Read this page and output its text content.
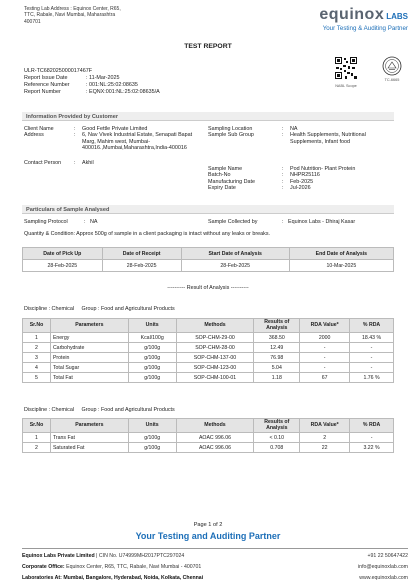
Testing Lab Address : Equinox Center, R65,
TTC, Rabale, Navi Mumbai, Maharashtra
400701	equinox LABS
Your Testing & Auditing Partner
TEST REPORT
ULR-TC682025000017467F
Report Issue Date	: 11-Mar-2025
Reference Number	: 001:NL:25:02:08635
Report Number	: EQNX:001:NL:25:02:08635/A
NABL Scope
TC-6665
Information Provided by Customer
Client Name	:	Good Fettle Private Limited
Address	:	6, Nav Vivek Industrial Estate, Senapati Bapat Marg, Mahim west, Mumbai-400016.,Mumbai,Maharashtra,India-400016
Contact Person	:	Akhil
Sampling Location	:	NA
Sample Sub Group	:	Health Supplements, Nutritional Supplements, Infant food
Sample Name	:	Pod Nutrition- Plant Protein
Batch-No	:	NHPR25116
Manufacturing Date	:	Feb-2025
Expiry Date	:	Jul-2026
Particulars of Sample Analysed
Sampling Protocol	: NA	Sample Collected by	: Equinox Labs - Dhiraj Kasar
Quantity & Condition: Approx 500g of sample in a client packaging is intact without any leaks or breaks.
Date of Pick Up	Date of Receipt	Start Date of Analysis	End Date of Analysis
28-Feb-2025	28-Feb-2025	28-Feb-2025	10-Mar-2025
---------- Result of Analysis ----------
Discipline : Chemical Group : Food and Agricultural Products
Sr.No	Parameters	Units	Methods	Results of Analysis	RDA Value*	% RDA
1	Energy	Kcal/100g	SOP-CHM-29-00	368.50	2000	18.43 %
2	Carbohydrate	g/100g	SOP-CHM-28-00	12.49	-	-
3	Protein	g/100g	SOP-CHM-137-00	76.98	-	-
4	Total Sugar	g/100g	SOP-CHM-123-00	5.04	-	-
5	Total Fat	g/100g	SOP-CHM-100-01	1.18	67	1.76 %
Discipline : Chemical Group : Food and Agricultural Products
Sr.No	Parameters	Units	Methods	Results of Analysis	RDA Value*	% RDA
1	Trans Fat	g/100g	AOAC 996.06	< 0.10	2	-
2	Saturated Fat	g/100g	AOAC 996.06	0.708	22	3.22 %
Page 1 of 2
Your Testing and Auditing Partner
Equinox Labs Private Limited | CIN No. U74999MH2017PTC297024	+91 22 50647422
Corporate Office: Equinox Center, R65, TTC, Rabale, Navi Mumbai - 400701	info@equinoxlab.com
Laboratories At: Mumbai, Bangalore, Hyderabad, Noida, Kolkata, Chennai	www.equinoxlab.com
